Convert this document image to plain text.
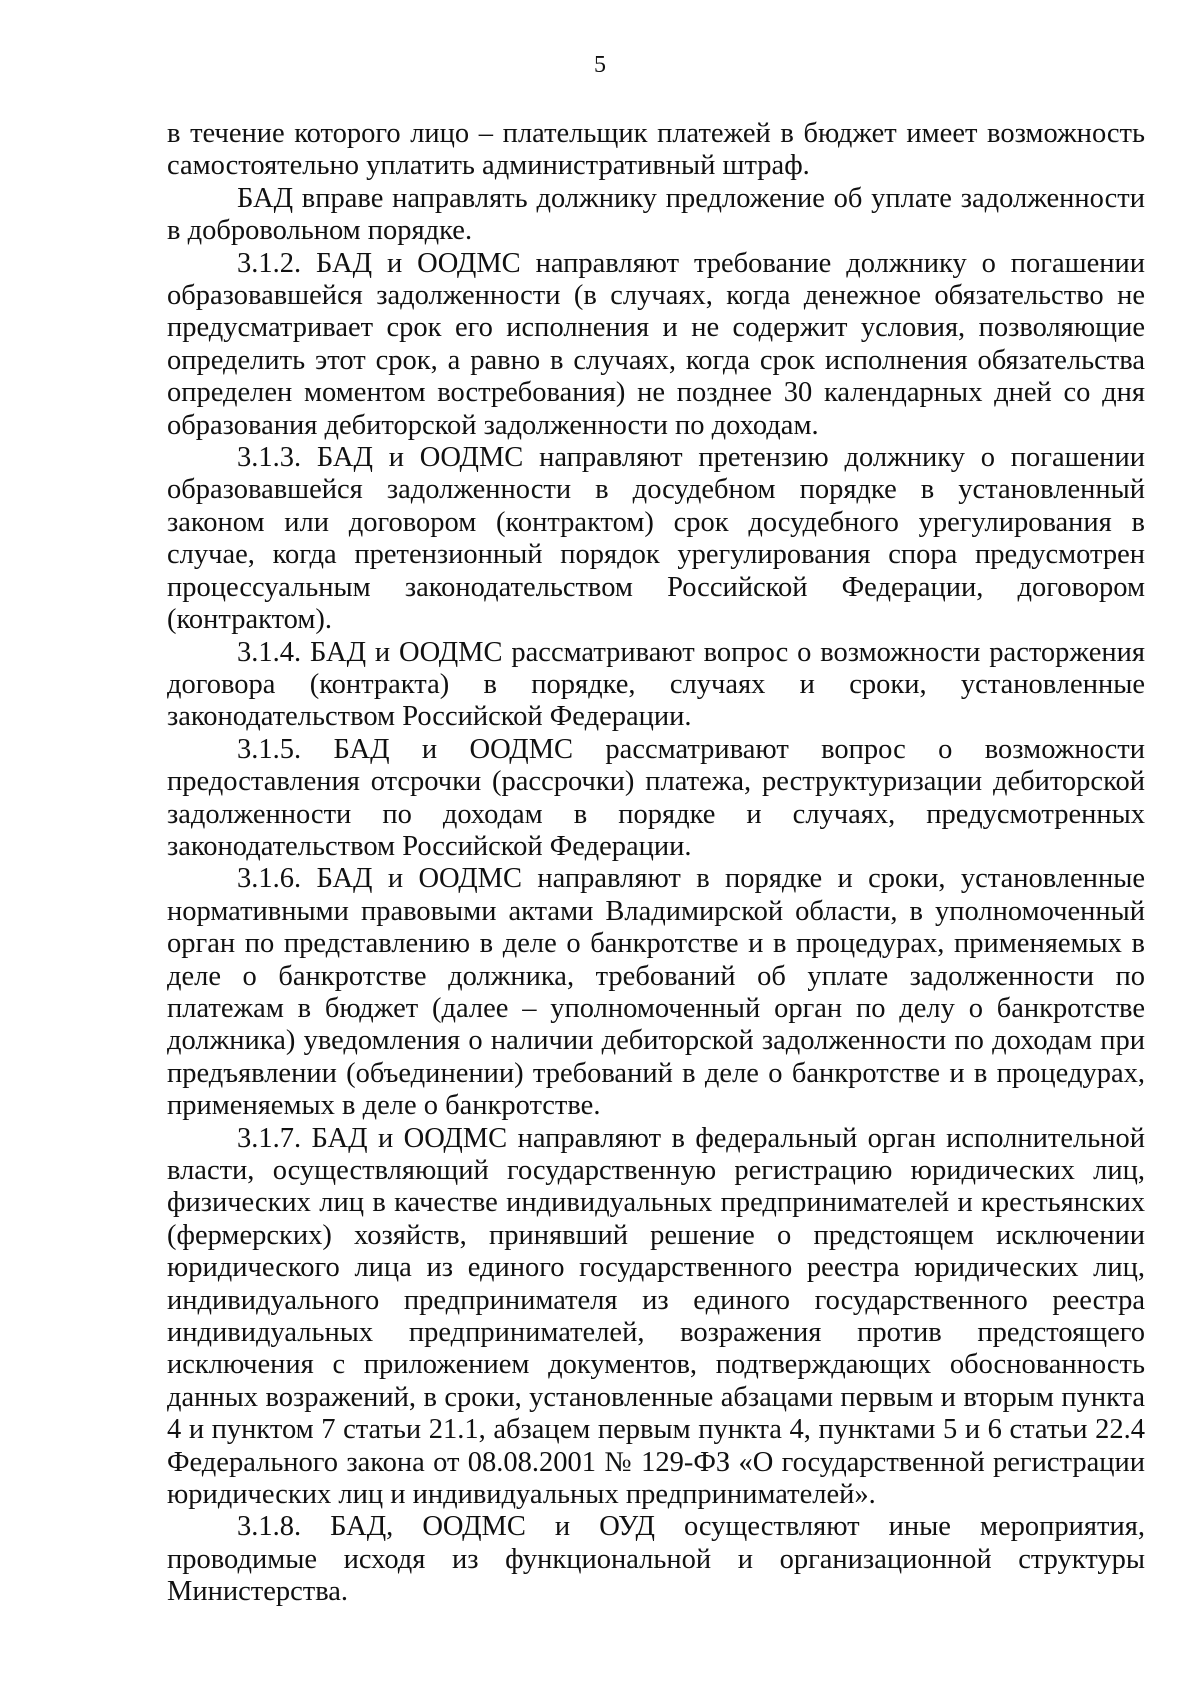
5

в течение которого лицо – плательщик платежей в бюджет имеет возможность самостоятельно уплатить административный штраф.

БАД вправе направлять должнику предложение об уплате задолженности в добровольном порядке.

3.1.2. БАД и ООДМС направляют требование должнику о погашении образовавшейся задолженности (в случаях, когда денежное обязательство не предусматривает срок его исполнения и не содержит условия, позволяющие определить этот срок, а равно в случаях, когда срок исполнения обязательства определен моментом востребования) не позднее 30 календарных дней со дня образования дебиторской задолженности по доходам.

3.1.3. БАД и ООДМС направляют претензию должнику о погашении образовавшейся задолженности в досудебном порядке в установленный законом или договором (контрактом) срок досудебного урегулирования в случае, когда претензионный порядок урегулирования спора предусмотрен процессуальным законодательством Российской Федерации, договором (контрактом).

3.1.4. БАД и ООДМС рассматривают вопрос о возможности расторжения договора (контракта) в порядке, случаях и сроки, установленные законодательством Российской Федерации.

3.1.5. БАД и ООДМС рассматривают вопрос о возможности предоставления отсрочки (рассрочки) платежа, реструктуризации дебиторской задолженности по доходам в порядке и случаях, предусмотренных законодательством Российской Федерации.

3.1.6. БАД и ООДМС направляют в порядке и сроки, установленные нормативными правовыми актами Владимирской области, в уполномоченный орган по представлению в деле о банкротстве и в процедурах, применяемых в деле о банкротстве должника, требований об уплате задолженности по платежам в бюджет (далее – уполномоченный орган по делу о банкротстве должника) уведомления о наличии дебиторской задолженности по доходам при предъявлении (объединении) требований в деле о банкротстве и в процедурах, применяемых в деле о банкротстве.

3.1.7. БАД и ООДМС направляют в федеральный орган исполнительной власти, осуществляющий государственную регистрацию юридических лиц, физических лиц в качестве индивидуальных предпринимателей и крестьянских (фермерских) хозяйств, принявший решение о предстоящем исключении юридического лица из единого государственного реестра юридических лиц, индивидуального предпринимателя из единого государственного реестра индивидуальных предпринимателей, возражения против предстоящего исключения с приложением документов, подтверждающих обоснованность данных возражений, в сроки, установленные абзацами первым и вторым пункта 4 и пунктом 7 статьи 21.1, абзацем первым пункта 4, пунктами 5 и 6 статьи 22.4 Федерального закона от 08.08.2001 № 129-ФЗ «О государственной регистрации юридических лиц и индивидуальных предпринимателей».

3.1.8. БАД, ООДМС и ОУД осуществляют иные мероприятия, проводимые исходя из функциональной и организационной структуры Министерства.
